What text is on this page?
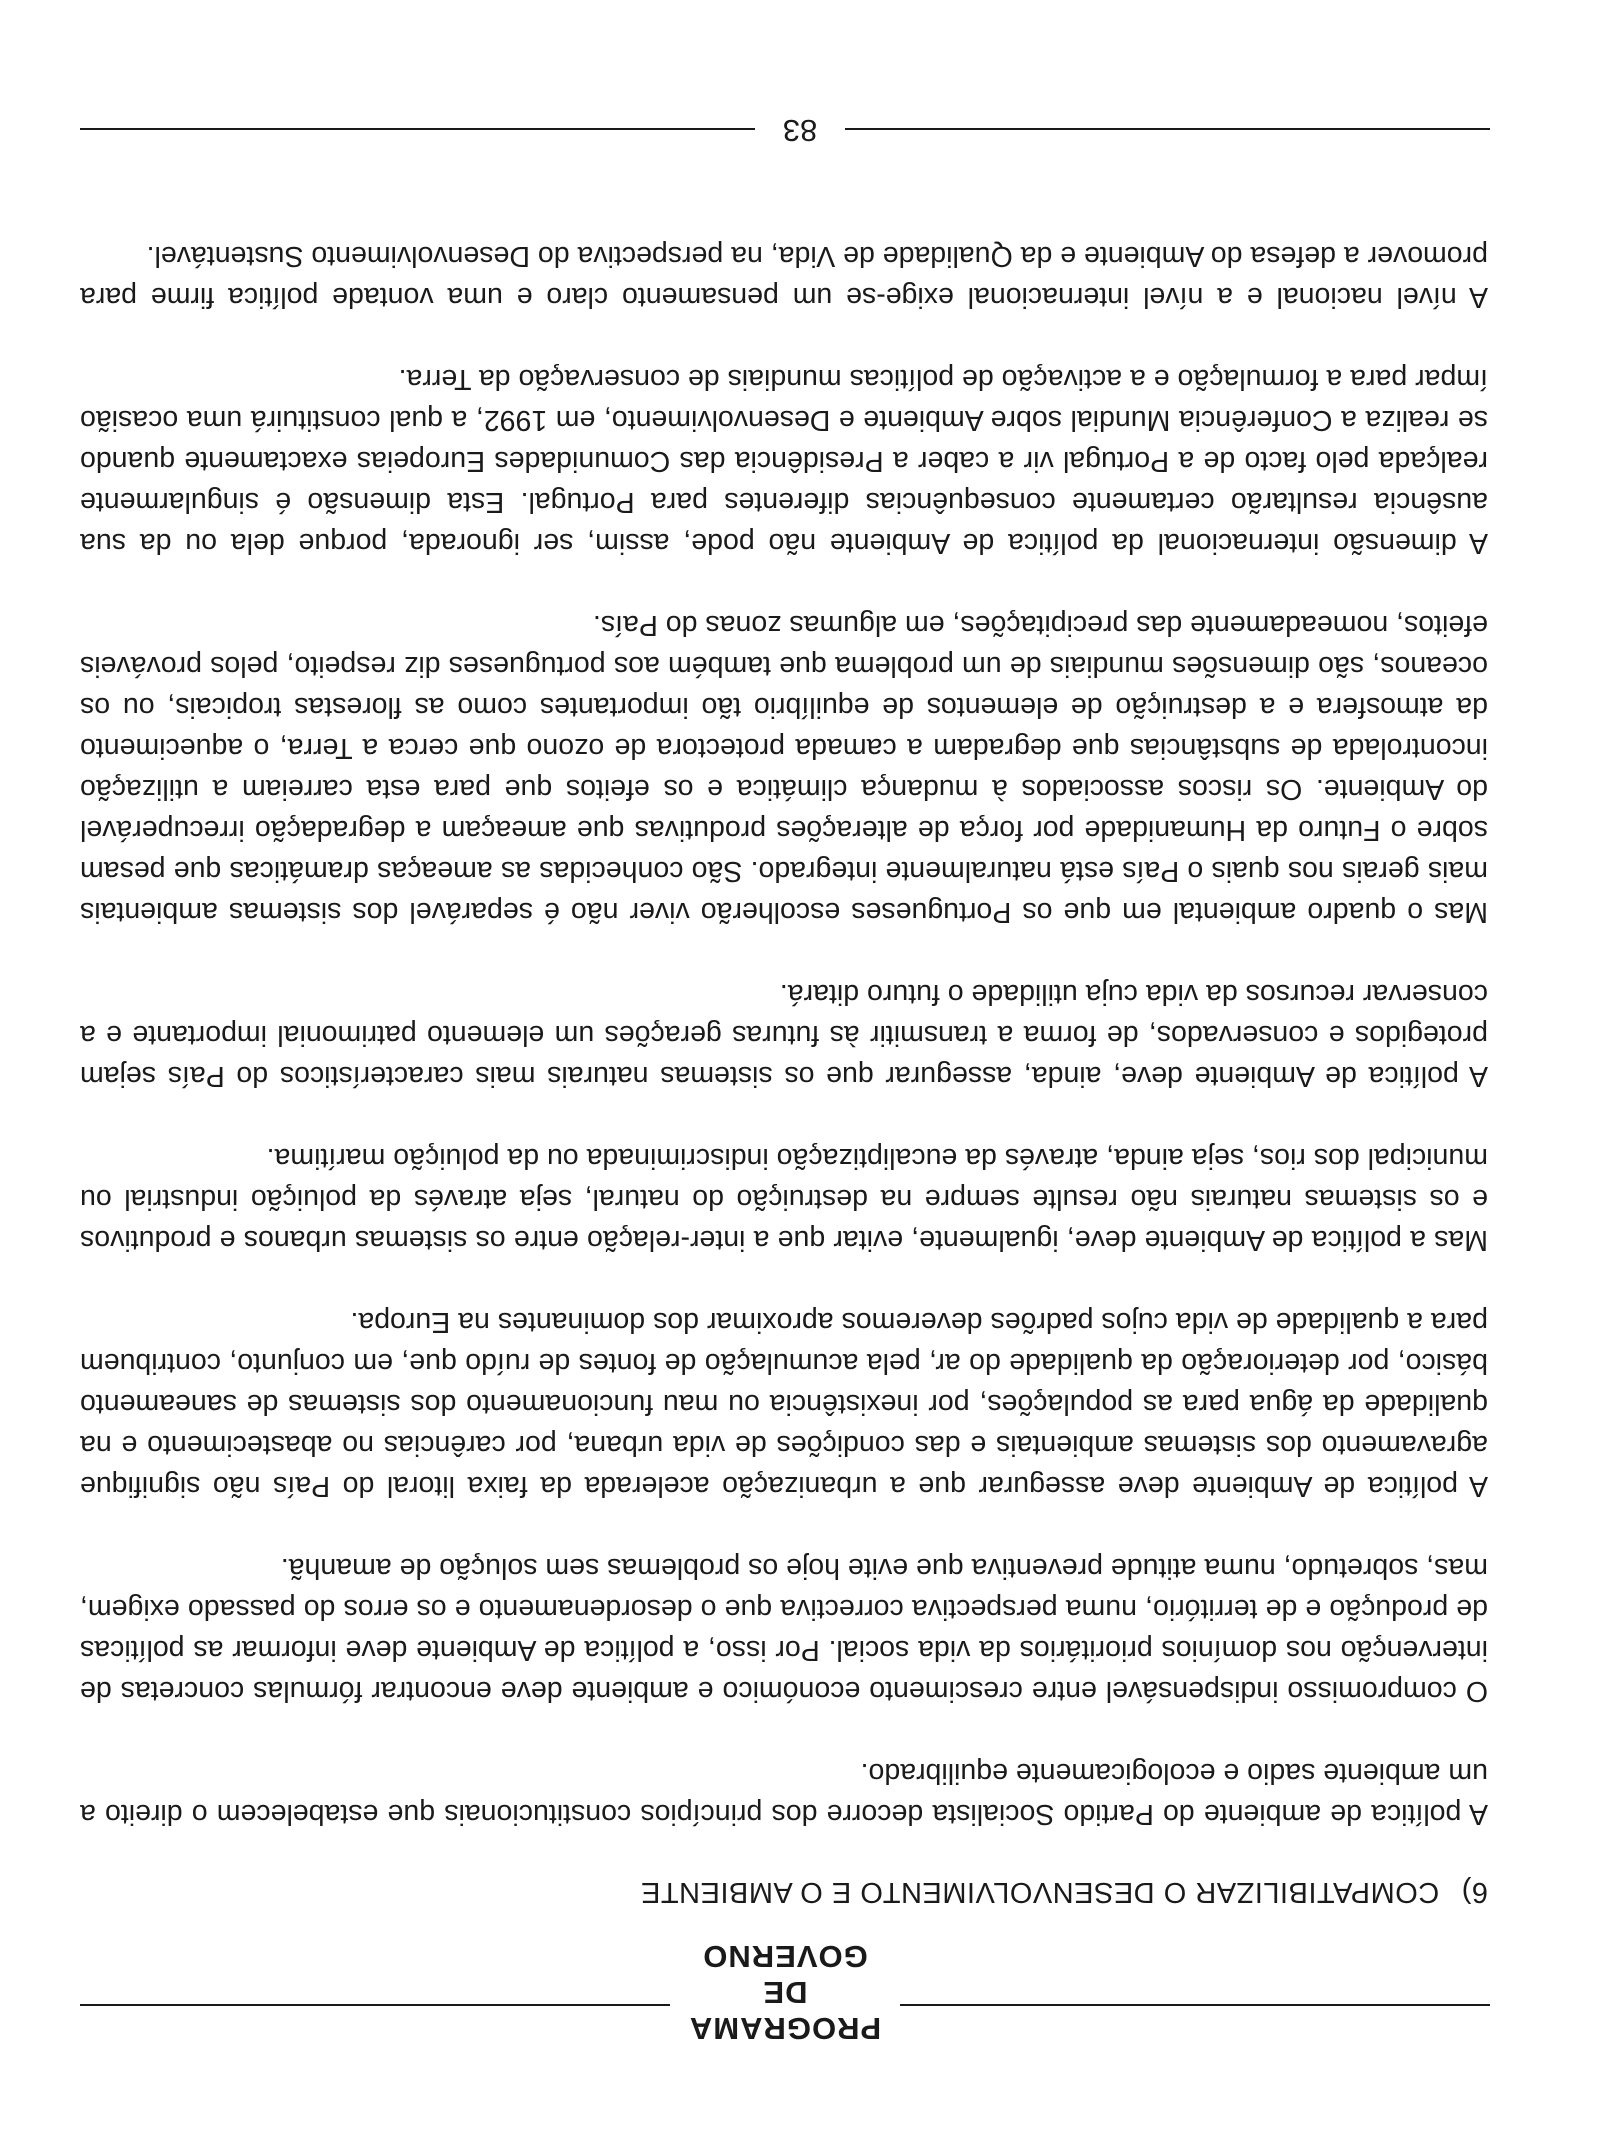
PROGRAMA
DE GOVERNO
6)COMPATIBILIZAR O DESENVOLVIMENTO E O AMBIENTE

A política de ambiente do Partido Socialista decorre dos princípios constitucionais que estabelecem o direito a um ambiente sadio e ecologicamente equilibrado.

O compromisso indispensável entre crescimento económico e ambiente deve encontrar fórmulas concretas de intervenção nos domínios prioritários da vida social. Por isso, a política de Ambiente deve informar as políticas de produção e de território, numa perspectiva correctiva que o desordenamento e os erros do passado exigem, mas, sobretudo, numa atitude preventiva que evite hoje os problemas sem solução de amanhã.

A política de Ambiente deve assegurar que a urbanização acelerada da faixa litoral do País não signifique agravamento dos sistemas ambientais e das condições de vida urbana, por carências no abastecimento e na qualidade da água para as populações, por inexistência ou mau funcionamento dos sistemas de saneamento básico, por deterioração da qualidade do ar, pela acumulação de fontes de ruído que, em conjunto, contribuem para a qualidade de vida cujos padrões deveremos aproximar dos dominantes na Europa.

Mas a política de Ambiente deve, igualmente, evitar que a inter-relação entre os sistemas urbanos e produtivos e os sistemas naturais não resulte sempre na destruição do natural, seja através da poluição industrial ou municipal dos rios, seja ainda, através da eucaliptização indiscriminada ou da poluição marítima.

A política de Ambiente deve, ainda, assegurar que os sistemas naturais mais característicos do País sejam protegidos e conservados, de forma a transmitir às futuras gerações um elemento patrimonial importante e a conservar recursos da vida cuja utilidade o futuro ditará.

Mas o quadro ambiental em que os Portugueses escolherão viver não é separável dos sistemas ambientais mais gerais nos quais o País está naturalmente integrado. São conhecidas as ameaças dramáticas que pesam sobre o Futuro da Humanidade por força de alterações produtivas que ameaçam a degradação irrecuperável do Ambiente. Os riscos associados à mudança climática e os efeitos que para esta carreiam a utilização incontrolada de substâncias que degradam a camada protectora de ozono que cerca a Terra, o aquecimento da atmosfera e a destruição de elementos de equilíbrio tão importantes como as florestas tropicais, ou os oceanos, são dimensões mundiais de um problema que também aos portugueses diz respeito, pelos prováveis efeitos, nomeadamente das precipitações, em algumas zonas do País.

A dimensão internacional da política de Ambiente não pode, assim, ser ignorada, porque dela ou da sua ausência resultarão certamente consequências diferentes para Portugal. Esta dimensão é singularmente realçada pelo facto de a Portugal vir a caber a Presidência das Comunidades Europeias exactamente quando se realiza a Conferência Mundial sobre Ambiente e Desenvolvimento, em 1992, a qual constituirá uma ocasião ímpar para a formulação e a activação de políticas mundiais de conservação da Terra.

A nível nacional e a nível internacional exige-se um pensamento claro e uma vontade política firme para promover a defesa do Ambiente e da Qualidade de Vida, na perspectiva do Desenvolvimento Sustentável.

83
